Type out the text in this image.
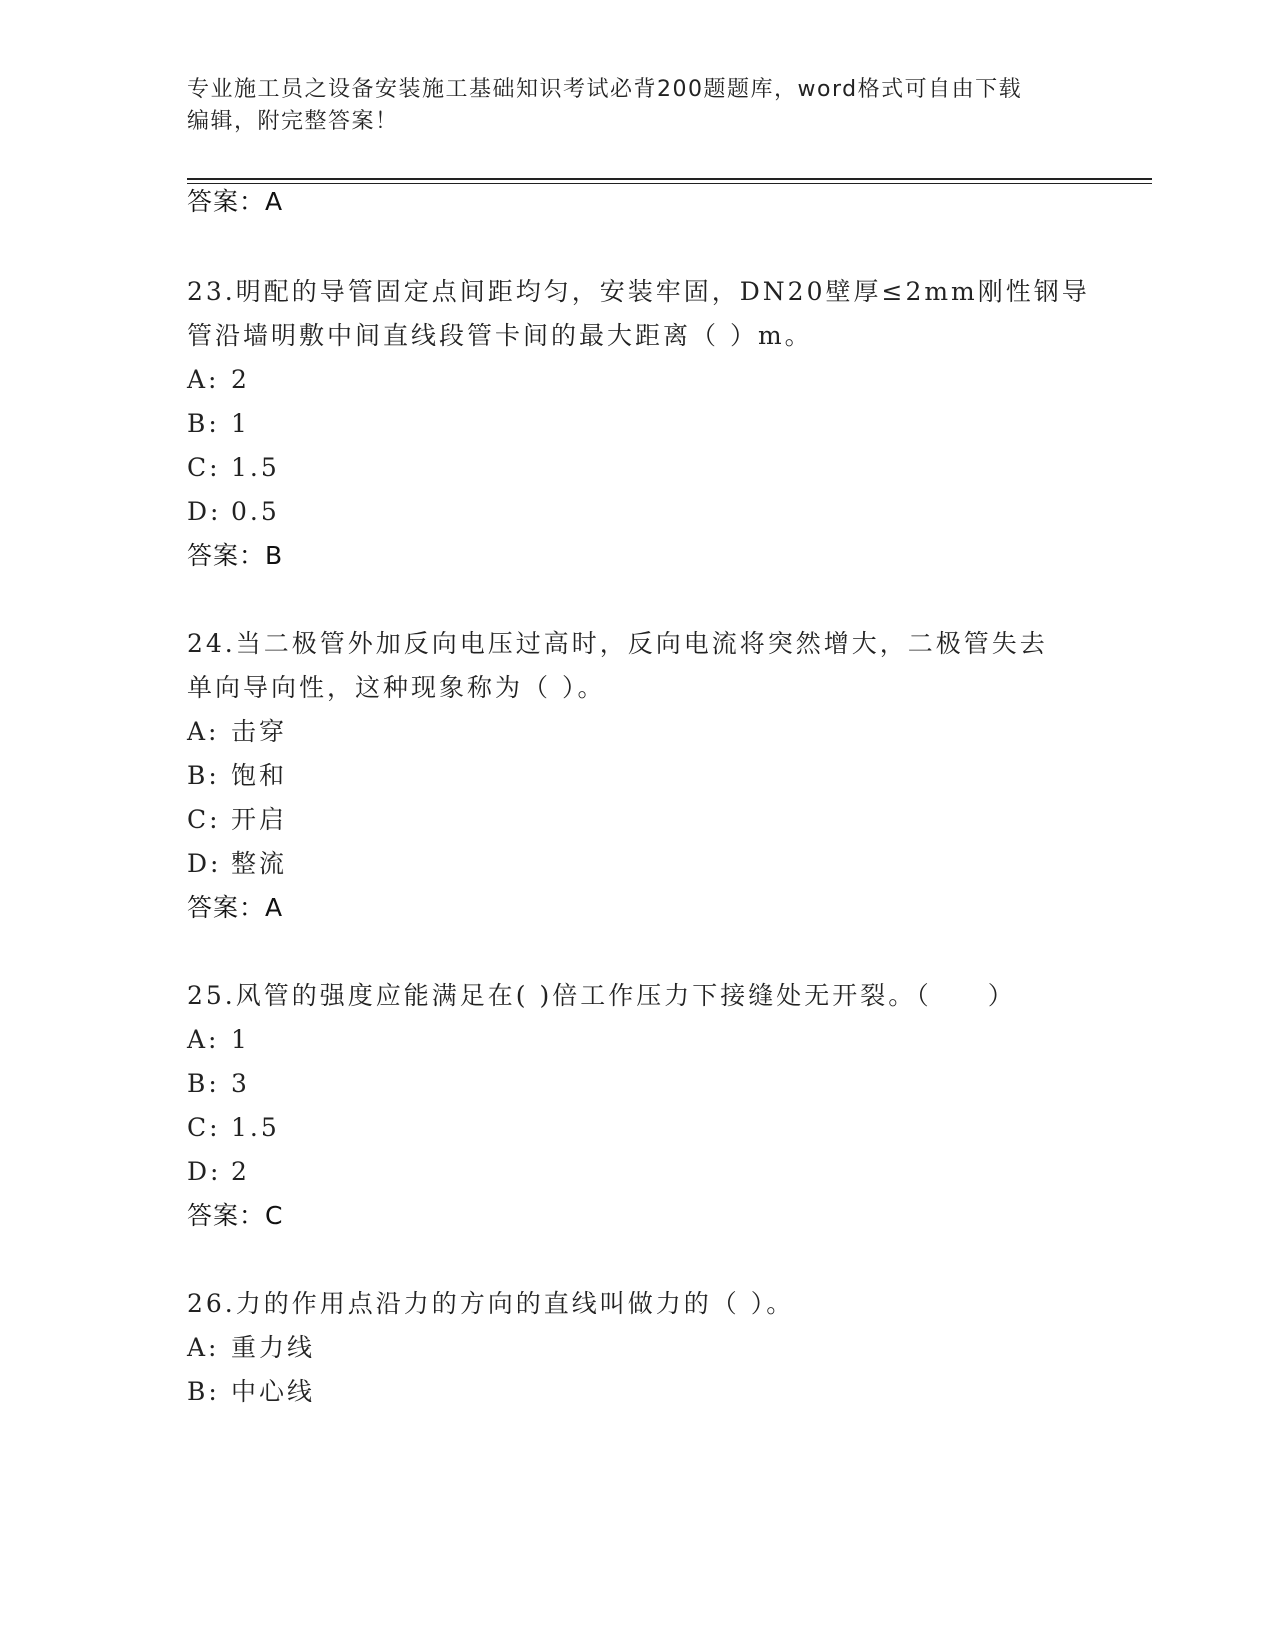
专业施工员之设备安装施工基础知识考试必背200题题库，word格式可自由下载
编辑，附完整答案！
答案：A
23.明配的导管固定点间距均匀，安装牢固，DN20壁厚≤2mm刚性钢导
管沿墙明敷中间直线段管卡间的最大距离（ ）m。
A: 2
B: 1
C: 1.5
D: 0.5
答案：B
24.当二极管外加反向电压过高时，反向电流将突然增大，二极管失去
单向导向性，这种现象称为（ ）。
A: 击穿
B: 饱和
C: 开启
D: 整流
答案：A
25.风管的强度应能满足在( )倍工作压力下接缝处无开裂。（　　）
A: 1
B: 3
C: 1.5
D: 2
答案：C
26.力的作用点沿力的方向的直线叫做力的（ ）。
A: 重力线
B: 中心线
